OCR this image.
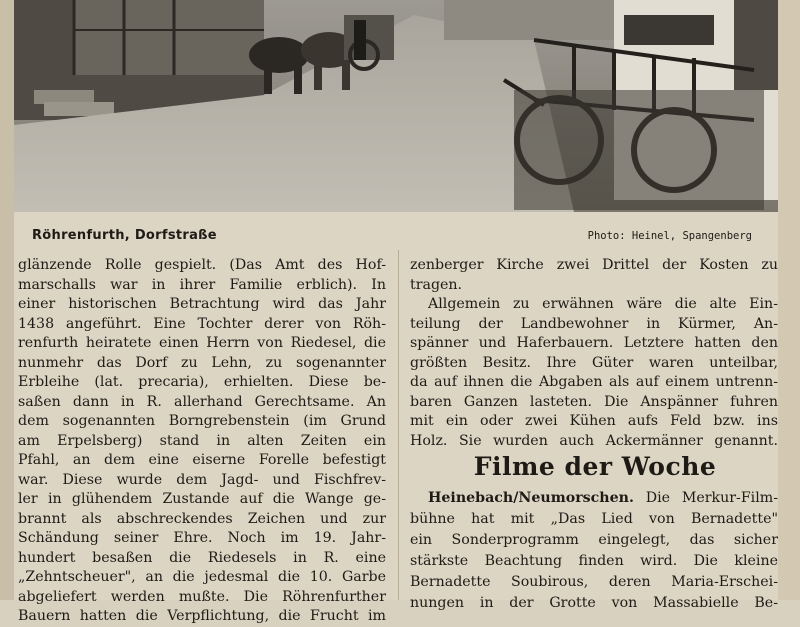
Röhrenfurth, Dorfstraße	Photo: Heinel, Spangenberg
glänzende Rolle gespielt. (Das Amt des Hof-
marschalls war in ihrer Familie erblich). In
einer historischen Betrachtung wird das Jahr
1438 angeführt. Eine Tochter derer von Röh-
renfurth heiratete einen Herrn von Riedesel, die
nunmehr das Dorf zu Lehn, zu sogenannter
Erbleihe (lat. precaria), erhielten. Diese be-
saßen dann in R. allerhand Gerechtsame. An
dem sogenannten Borngrebenstein (im Grund
am Erpelsberg) stand in alten Zeiten ein
Pfahl, an dem eine eiserne Forelle befestigt
war. Diese wurde dem Jagd- und Fischfrev-
ler in glühendem Zustande auf die Wange ge-
brannt als abschreckendes Zeichen und zur
Schändung seiner Ehre. Noch im 19. Jahr-
hundert besaßen die Riedesels in R. eine
„Zehntscheuer", an die jedesmal die 10. Garbe
abgeliefert werden mußte. Die Röhrenfurther
Bauern hatten die Verpflichtung, die Frucht im
zenberger Kirche zwei Drittel der Kosten zu
tragen.
Allgemein zu erwähnen wäre die alte Ein-
teilung der Landbewohner in Kürmer, An-
spänner und Haferbauern. Letztere hatten den
größten Besitz. Ihre Güter waren unteilbar,
da auf ihnen die Abgaben als auf einem untrenn-
baren Ganzen lasteten. Die Anspänner fuhren
mit ein oder zwei Kühen aufs Feld bzw. ins
Holz. Sie wurden auch Ackermänner genannt.
Filme der Woche
Heinebach/Neumorschen. Die Merkur-Film-
bühne hat mit „Das Lied von Bernadette"
ein Sonderprogramm eingelegt, das sicher
stärkste Beachtung finden wird. Die kleine
Bernadette Soubirous, deren Maria-Erschei-
nungen in der Grotte von Massabielle Be-
